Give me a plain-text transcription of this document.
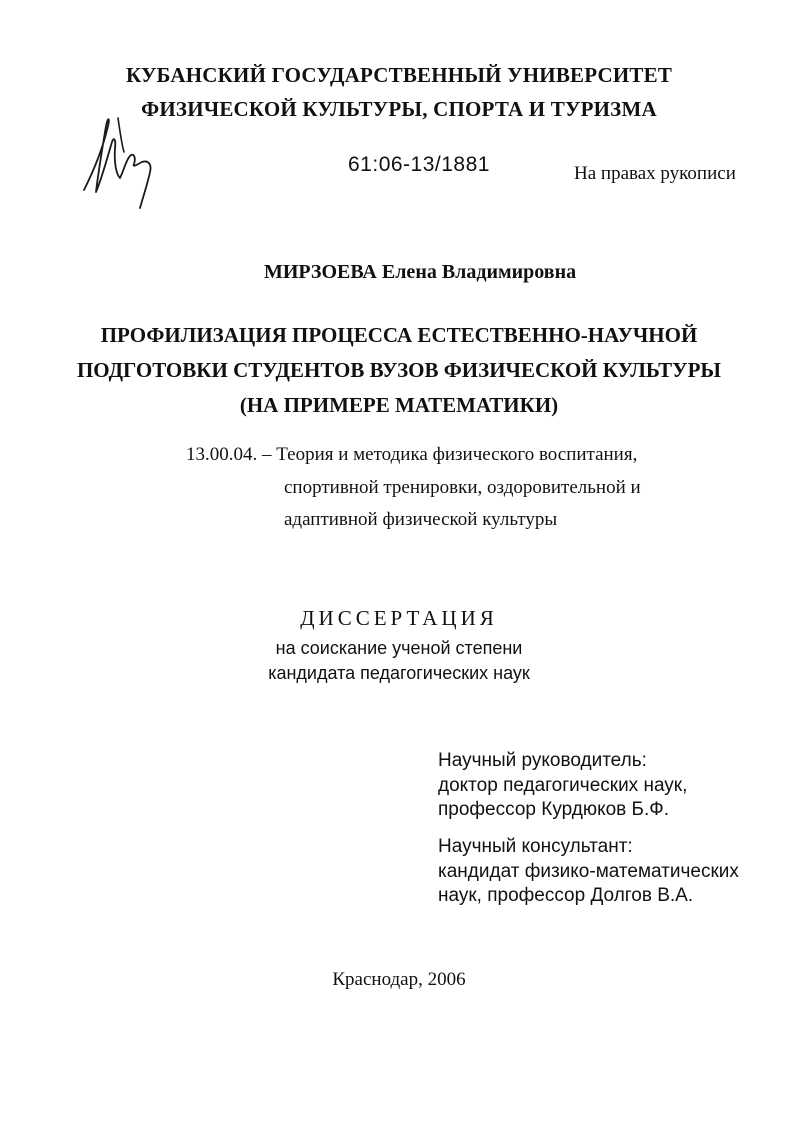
КУБАНСКИЙ ГОСУДАРСТВЕННЫЙ УНИВЕРСИТЕТ
ФИЗИЧЕСКОЙ КУЛЬТУРЫ, СПОРТА И ТУРИЗМА
61:06-13/1881	На правах рукописи
МИРЗОЕВА Елена Владимировна
ПРОФИЛИЗАЦИЯ ПРОЦЕССА ЕСТЕСТВЕННО-НАУЧНОЙ
ПОДГОТОВКИ СТУДЕНТОВ ВУЗОВ ФИЗИЧЕСКОЙ КУЛЬТУРЫ
(НА ПРИМЕРЕ МАТЕМАТИКИ)
13.00.04. – Теория и методика физического воспитания,
спортивной тренировки, оздоровительной и
адаптивной физической культуры
ДИССЕРТАЦИЯ
на соискание ученой степени
кандидата педагогических наук
Научный руководитель:
доктор педагогических наук,
профессор Курдюков Б.Ф.
Научный консультант:
кандидат физико-математических
наук, профессор Долгов В.А.
Краснодар, 2006
